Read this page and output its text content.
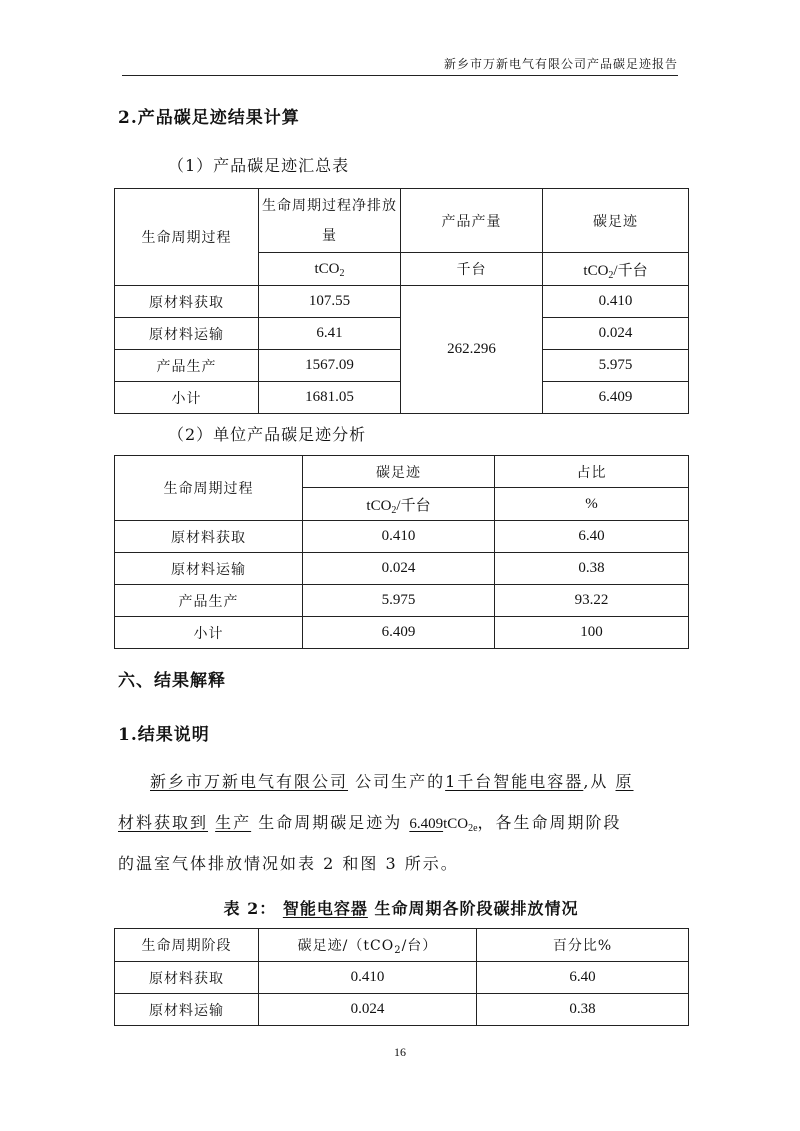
新乡市万新电气有限公司产品碳足迹报告
2.产品碳足迹结果计算
（1）产品碳足迹汇总表
生命周期过程	生命周期过程净排放量	产品产量	碳足迹
	tCO$_2$	千台	tCO$_2$/千台
原材料获取	107.55	262.296	0.410
原材料运输	6.41		0.024
产品生产	1567.09		5.975
小计	1681.05		6.409
（2）单位产品碳足迹分析
生命周期过程	碳足迹	占比
	tCO$_2$/千台	%
原材料获取	0.410	6.40
原材料运输	0.024	0.38
产品生产	5.975	93.22
小计	6.409	100
六、结果解释
1.结果说明
新乡市万新电气有限公司 公司生产的1千台智能电容器,从 原
材料获取到 生产 生命周期碳足迹为 6.409tCO$_{2e}$，各生命周期阶段
的温室气体排放情况如表 2 和图 3 所示。
表 2： 智能电容器 生命周期各阶段碳排放情况
生命周期阶段	碳足迹/（tCO$_2$/台）	百分比%
原材料获取	0.410	6.40
原材料运输	0.024	0.38
16
